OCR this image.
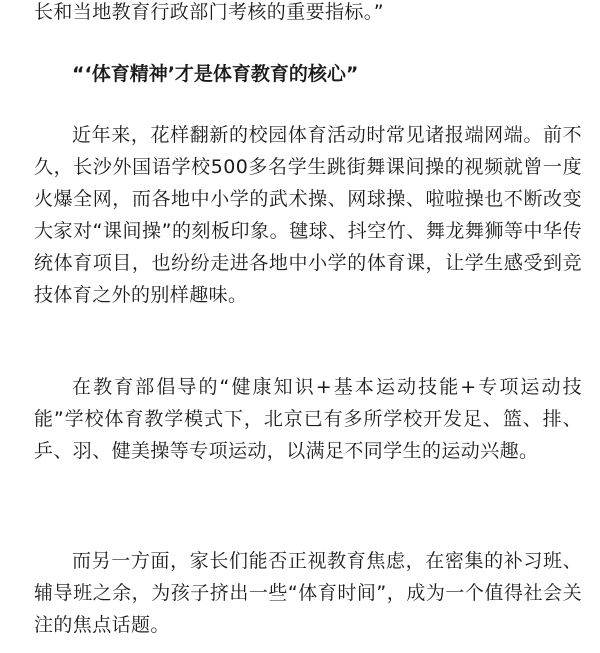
长和当地教育行政部门考核的重要指标。”

“‘体育精神’才是体育教育的核心”

近年来，花样翻新的校园体育活动时常见诸报端网端。前不久，长沙外国语学校500多名学生跳街舞课间操的视频就曾一度火爆全网，而各地中小学的武术操、网球操、啦啦操也不断改变大家对“课间操”的刻板印象。毽球、抖空竹、舞龙舞狮等中华传统体育项目，也纷纷走进各地中小学的体育课，让学生感受到竞技体育之外的别样趣味。

在教育部倡导的“健康知识+基本运动技能+专项运动技能”学校体育教学模式下，北京已有多所学校开发足、篮、排、乒、羽、健美操等专项运动，以满足不同学生的运动兴趣。

而另一方面，家长们能否正视教育焦虑，在密集的补习班、辅导班之余，为孩子挤出一些“体育时间”，成为一个值得社会关注的焦点话题。
